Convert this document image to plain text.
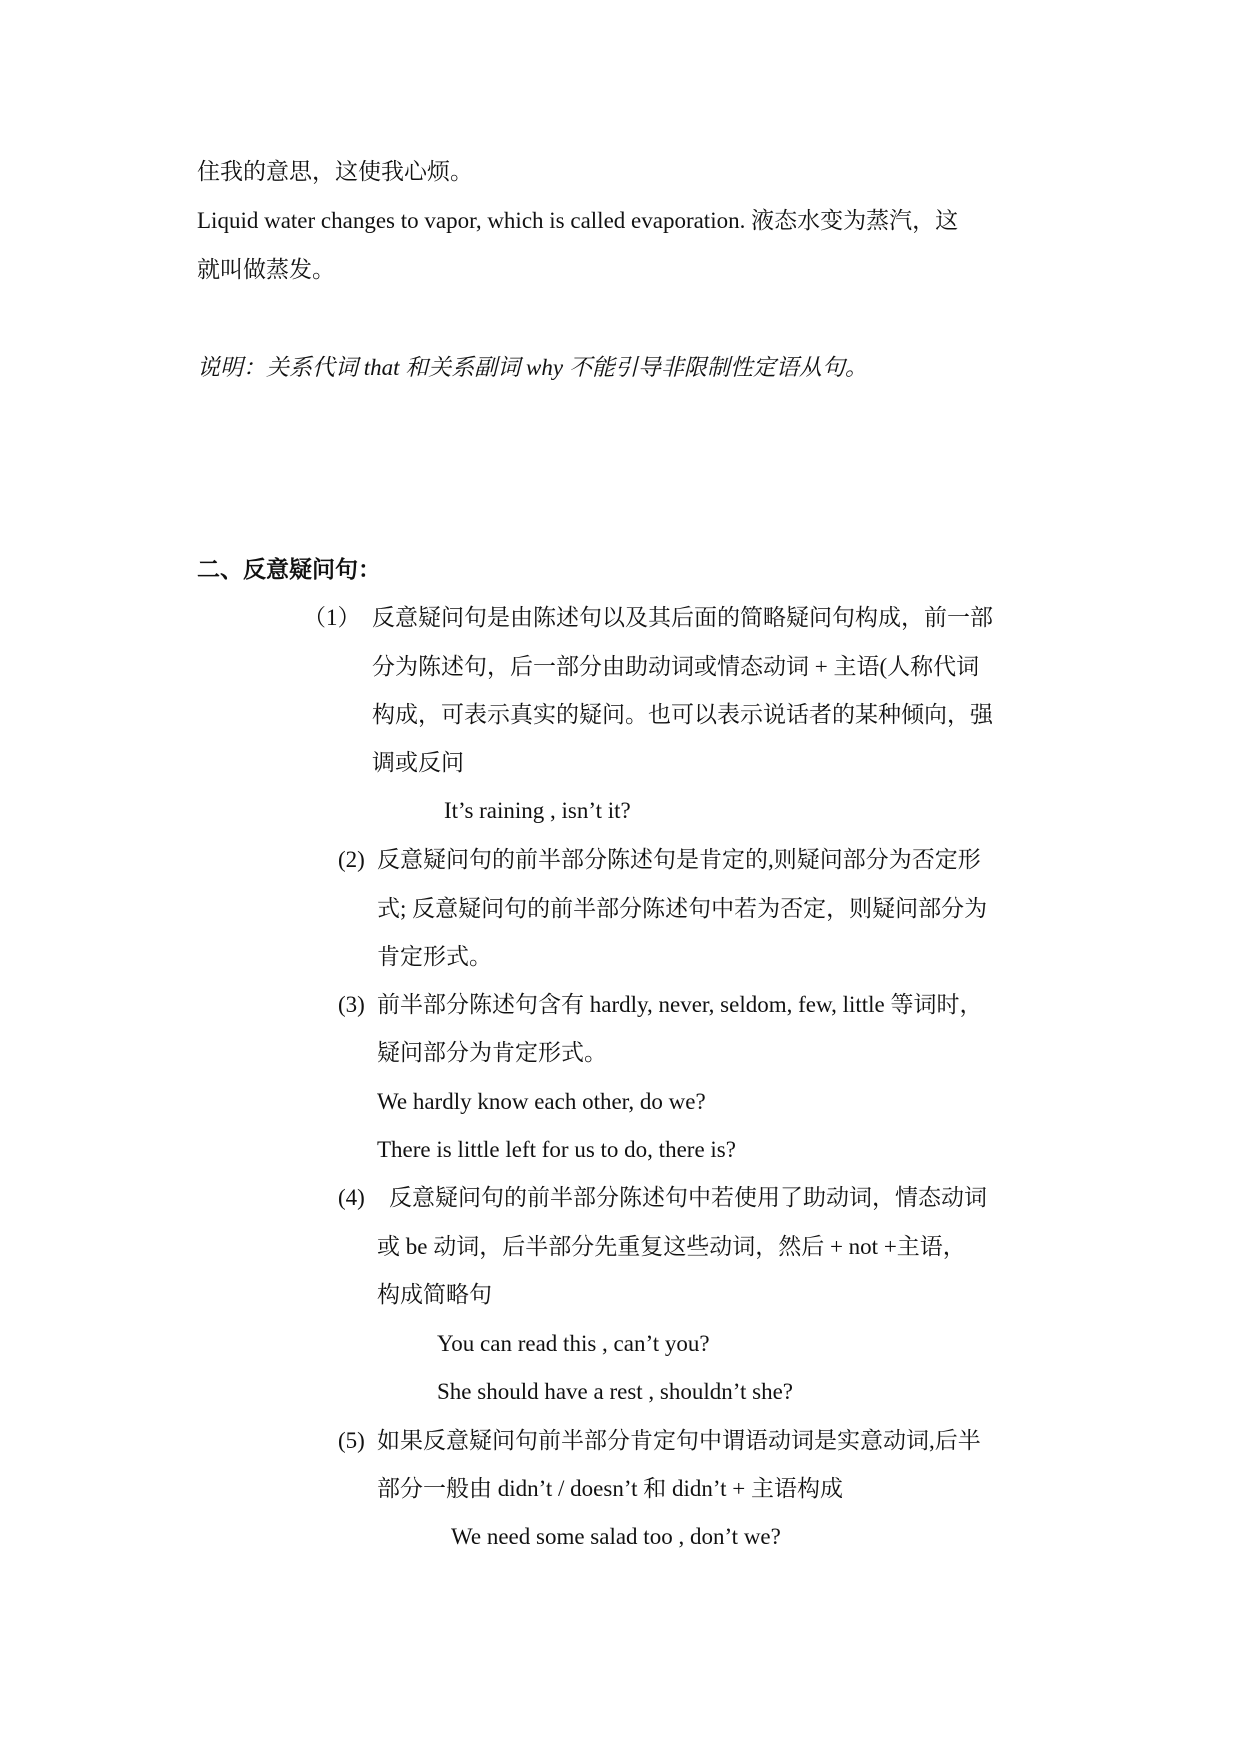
住我的意思，这使我心烦。
Liquid water changes to vapor, which is called evaporation. 液态水变为蒸汽，这
就叫做蒸发。
说明：关系代词 that 和关系副词 why 不能引导非限制性定语从句。
二、反意疑问句：
（1） 反意疑问句是由陈述句以及其后面的简略疑问句构成，前一部
分为陈述句，后一部分由助动词或情态动词 + 主语(人称代词
构成，可表示真实的疑问。也可以表示说话者的某种倾向，强
调或反问
It’s raining , isn’t it?
(2) 反意疑问句的前半部分陈述句是肯定的,则疑问部分为否定形
式; 反意疑问句的前半部分陈述句中若为否定，则疑问部分为
肯定形式。
(3) 前半部分陈述句含有 hardly, never, seldom, few, little 等词时，
疑问部分为肯定形式。
We hardly know each other, do we?
There is little left for us to do, there is?
(4) 反意疑问句的前半部分陈述句中若使用了助动词，情态动词
或 be 动词，后半部分先重复这些动词，然后 + not +主语，
构成简略句
You can read this , can’t you?
She should have a rest , shouldn’t she?
(5) 如果反意疑问句前半部分肯定句中谓语动词是实意动词,后半
部分一般由 didn’t / doesn’t 和 didn’t + 主语构成
We need some salad too , don’t we?
